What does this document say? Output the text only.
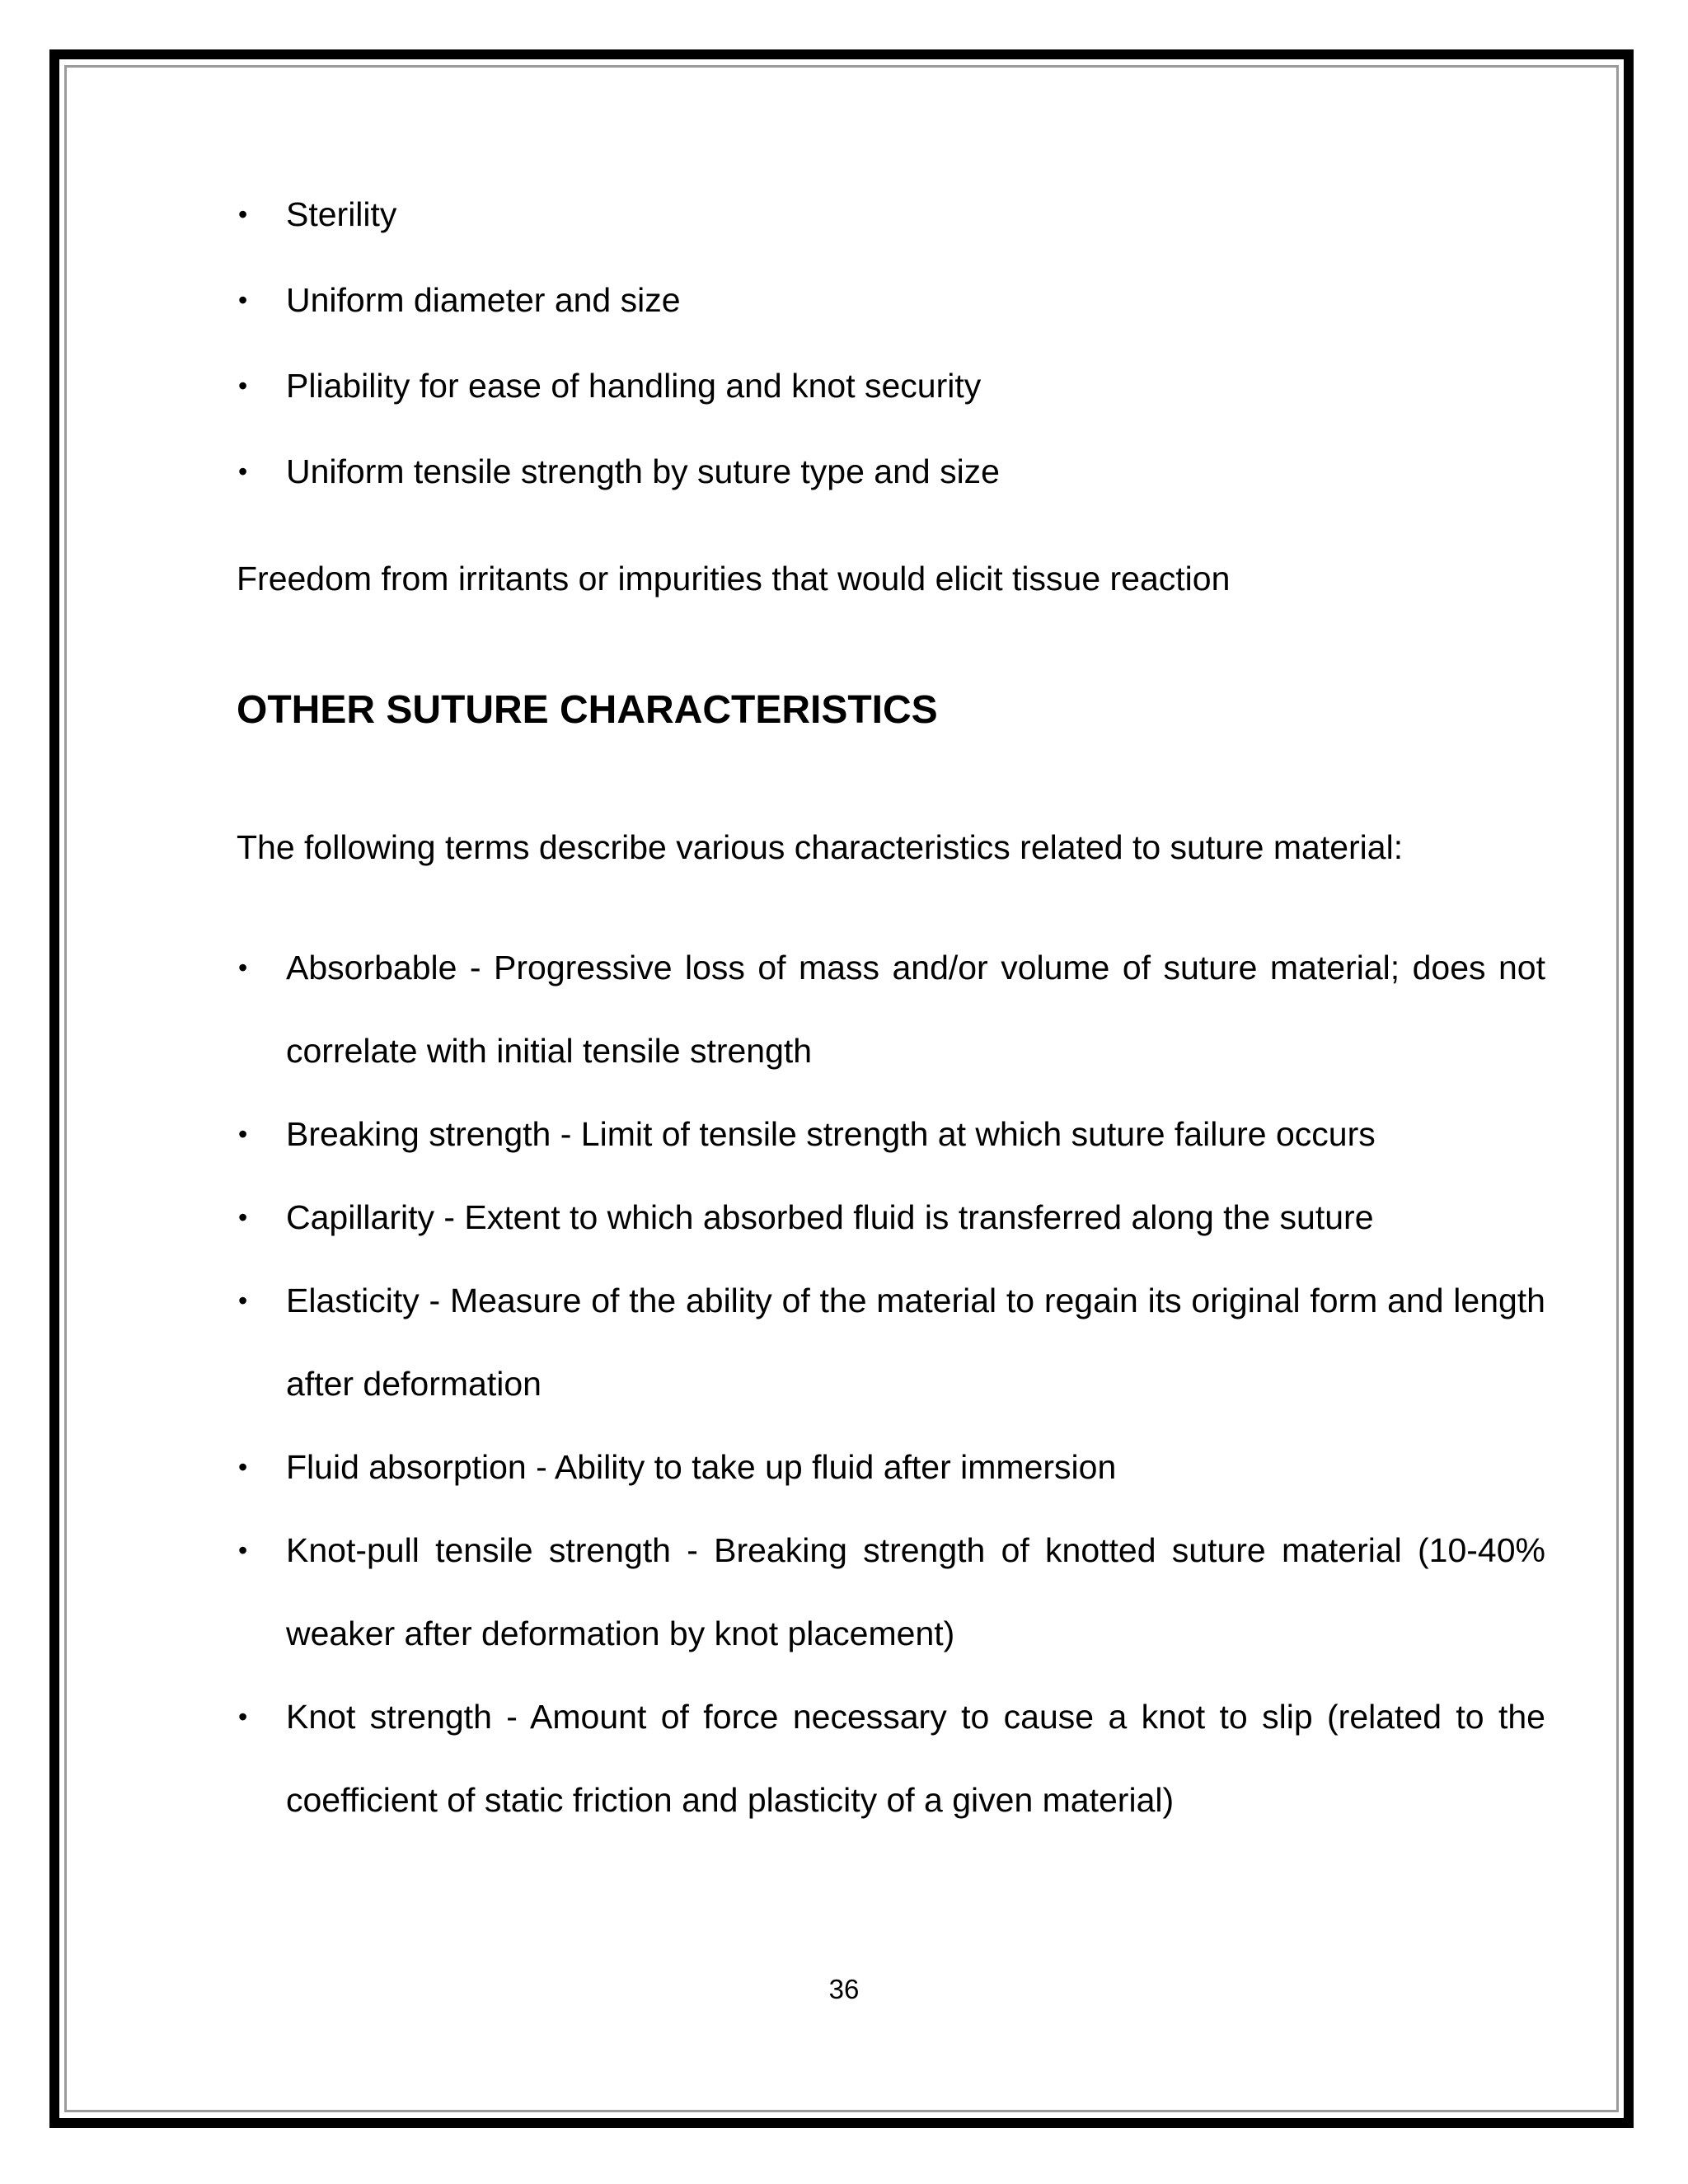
• Sterility
• Uniform diameter and size
• Pliability for ease of handling and knot security
• Uniform tensile strength by suture type and size

Freedom from irritants or impurities that would elicit tissue reaction

OTHER SUTURE CHARACTERISTICS

The following terms describe various characteristics related to suture material:

• Absorbable - Progressive loss of mass and/or volume of suture material; does not correlate with initial tensile strength
• Breaking strength - Limit of tensile strength at which suture failure occurs
• Capillarity - Extent to which absorbed fluid is transferred along the suture
• Elasticity - Measure of the ability of the material to regain its original form and length after deformation
• Fluid absorption - Ability to take up fluid after immersion
• Knot-pull tensile strength - Breaking strength of knotted suture material (10-40% weaker after deformation by knot placement)
• Knot strength - Amount of force necessary to cause a knot to slip (related to the coefficient of static friction and plasticity of a given material)
36
